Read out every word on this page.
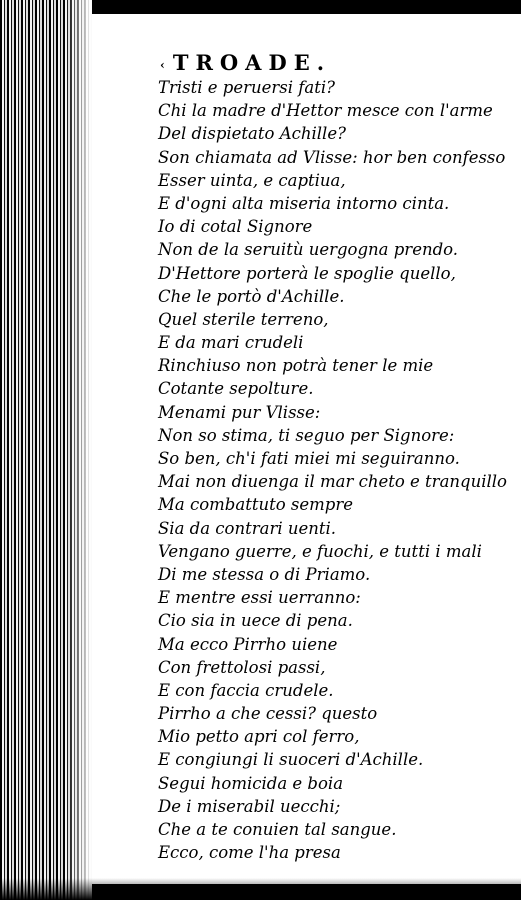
‹ TROADE.
Tristi e peruersi fati?
Chi la madre d'Hettor mesce con l'arme
Del dispietato Achille?
Son chiamata ad Vlisse: hor ben confesso
Esser uinta, e captiua,
E d'ogni alta miseria intorno cinta.
Io di cotal Signore
Non de la seruitù uergogna prendo.
D'Hettore porterà le spoglie quello,
Che le portò d'Achille.
Quel sterile terreno,
E da mari crudeli
Rinchiuso non potrà tener le mie
Cotante sepolture.
Menami pur Vlisse:
Non so stima, ti seguo per Signore:
So ben, ch'i fati miei mi seguiranno.
Mai non diuenga il mar cheto e tranquillo
Ma combattuto sempre
Sia da contrari uenti.
Vengano guerre, e fuochi, e tutti i mali
Di me stessa o di Priamo.
E mentre essi uerranno:
Cio sia in uece di pena.
Ma ecco Pirrho uiene
Con frettolosi passi,
E con faccia crudele.
Pirrho a che cessi? questo
Mio petto apri col ferro,
E congiungi li suoceri d'Achille.
Segui homicida e boia
De i miserabil uecchi;
Che a te conuien tal sangue.
Ecco, come l'ha presa
